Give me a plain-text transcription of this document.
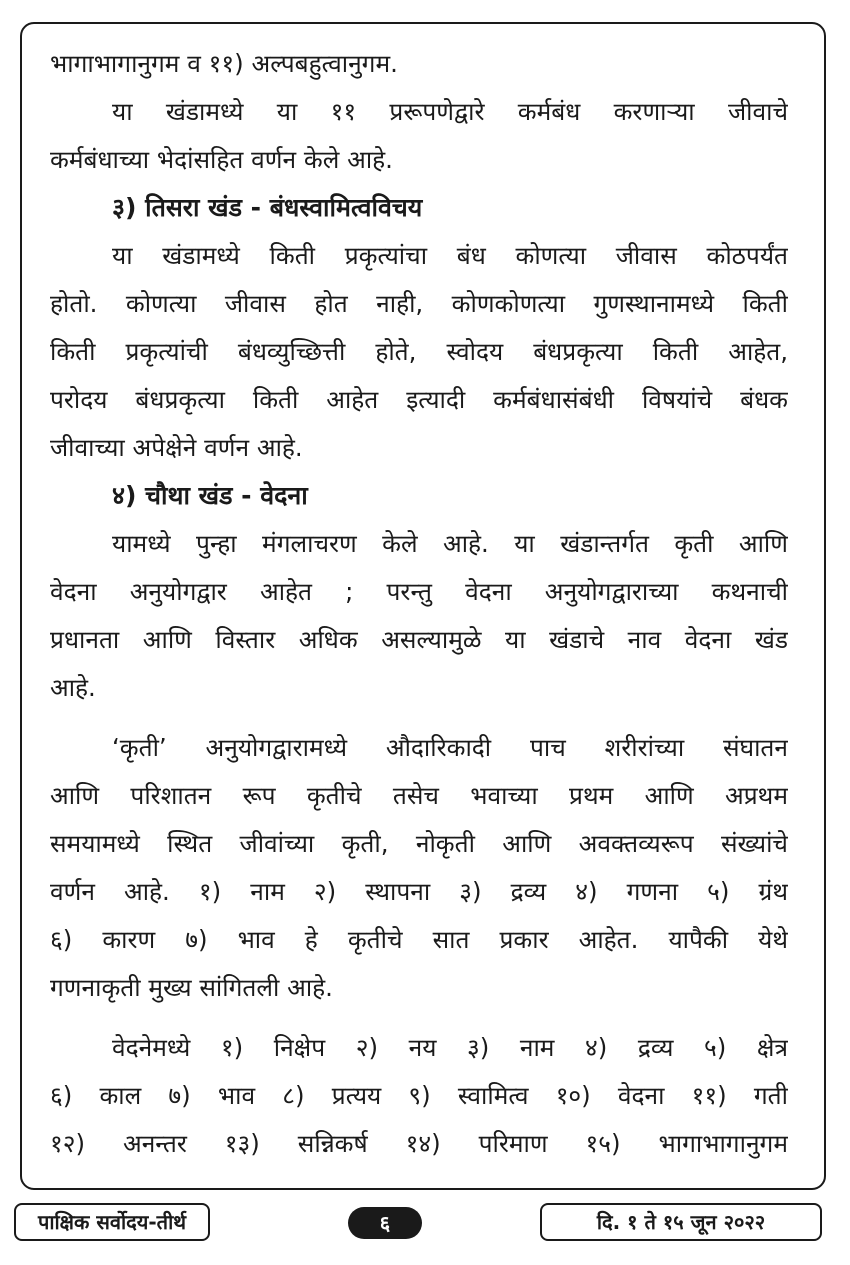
भागाभागानुगम व ११) अल्पबहुत्वानुगम.
या खंडामध्ये या ११ प्ररूपणेद्वारे कर्मबंध करणाऱ्या जीवाचे
कर्मबंधाच्या भेदांसहित वर्णन केले आहे.
३) तिसरा खंड - बंधस्वामित्वविचय
या खंडामध्ये किती प्रकृत्यांचा बंध कोणत्या जीवास कोठपर्यंत
होतो. कोणत्या जीवास होत नाही, कोणकोणत्या गुणस्थानामध्ये किती
किती प्रकृत्यांची बंधव्युच्छित्ती होते, स्वोदय बंधप्रकृत्या किती आहेत,
परोदय बंधप्रकृत्या किती आहेत इत्यादी कर्मबंधासंबंधी विषयांचे बंधक
जीवाच्या अपेक्षेने वर्णन आहे.
४) चौथा खंड - वेदना
यामध्ये पुन्हा मंगलाचरण केले आहे. या खंडान्तर्गत कृती आणि
वेदना अनुयोगद्वार आहेत ; परन्तु वेदना अनुयोगद्वाराच्या कथनाची
प्रधानता आणि विस्तार अधिक असल्यामुळे या खंडाचे नाव वेदना खंड
आहे.
‘कृती’ अनुयोगद्वारामध्ये औदारिकादी पाच शरीरांच्या संघातन
आणि परिशातन रूप कृतीचे तसेच भवाच्या प्रथम आणि अप्रथम
समयामध्ये स्थित जीवांच्या कृती, नोकृती आणि अवक्तव्यरूप संख्यांचे
वर्णन आहे. १) नाम २) स्थापना ३) द्रव्य ४) गणना ५) ग्रंथ
६) कारण ७) भाव हे कृतीचे सात प्रकार आहेत. यापैकी येथे
गणनाकृती मुख्य सांगितली आहे.
वेदनेमध्ये १) निक्षेप २) नय ३) नाम ४) द्रव्य ५) क्षेत्र
६) काल ७) भाव ८) प्रत्यय ९) स्वामित्व १०) वेदना ११) गती
१२) अनन्तर १३) सन्निकर्ष १४) परिमाण १५) भागाभागानुगम
पाक्षिक सर्वोदय-तीर्थ	६	दि. १ ते १५ जून २०२२
